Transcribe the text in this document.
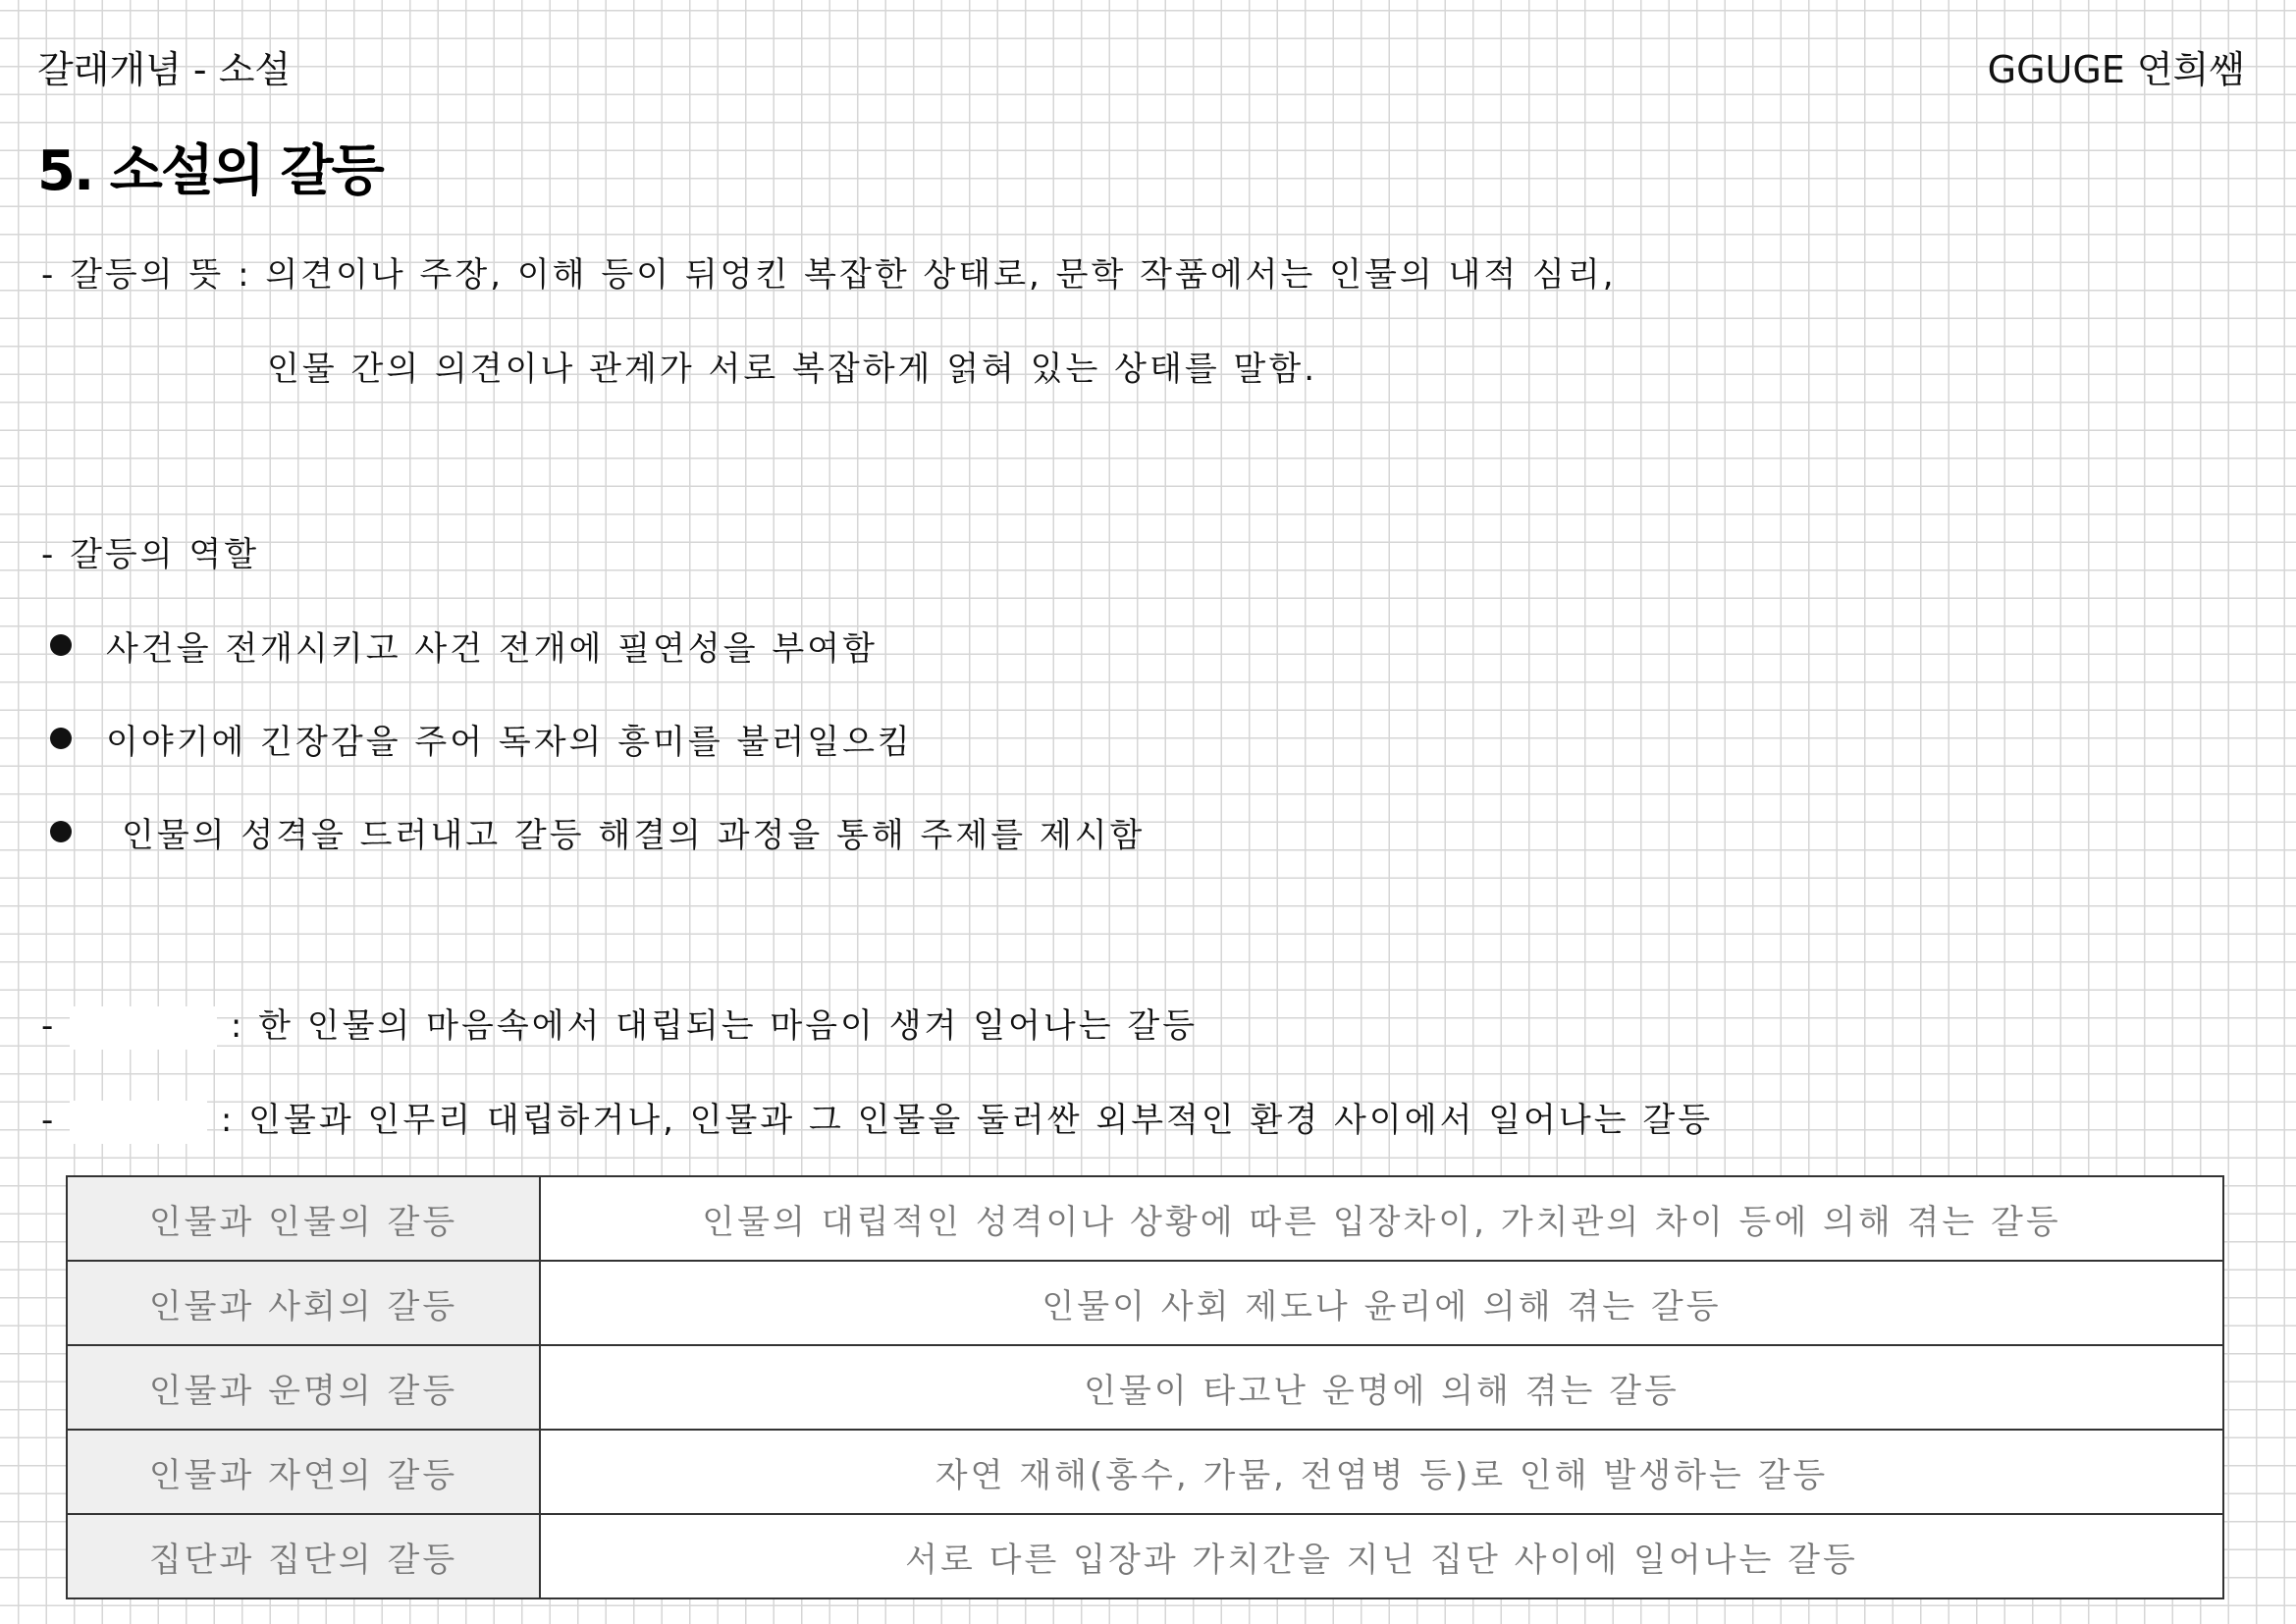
갈래개념 - 소설	GGUGE 연희쌤
5. 소설의 갈등
- 갈등의 뜻 : 의견이나 주장, 이해 등이 뒤엉킨 복잡한 상태로, 문학 작품에서는 인물의 내적 심리,
인물 간의 의견이나 관계가 서로 복잡하게 얽혀 있는 상태를 말함.
- 갈등의 역할
사건을 전개시키고 사건 전개에 필연성을 부여함
이야기에 긴장감을 주어 독자의 흥미를 불러일으킴
인물의 성격을 드러내고 갈등 해결의 과정을 통해 주제를 제시함
-	: 한 인물의 마음속에서 대립되는 마음이 생겨 일어나는 갈등
-	: 인물과 인무리 대립하거나, 인물과 그 인물을 둘러싼 외부적인 환경 사이에서 일어나는 갈등
인물과 인물의 갈등	인물의 대립적인 성격이나 상황에 따른 입장차이, 가치관의 차이 등에 의해 겪는 갈등
인물과 사회의 갈등	인물이 사회 제도나 윤리에 의해 겪는 갈등
인물과 운명의 갈등	인물이 타고난 운명에 의해 겪는 갈등
인물과 자연의 갈등	자연 재해(홍수, 가뭄, 전염병 등)로 인해 발생하는 갈등
집단과 집단의 갈등	서로 다른 입장과 가치간을 지닌 집단 사이에 일어나는 갈등
